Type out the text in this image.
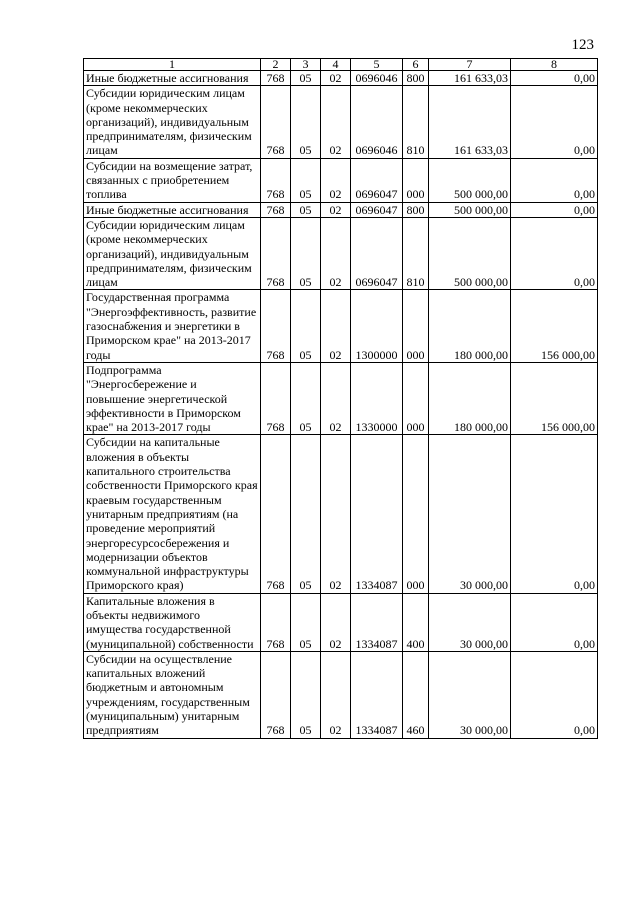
123
1	2	3	4	5	6	7	8
Иные бюджетные ассигнования	768	05	02	0696046	800	161 633,03	0,00
Субсидии юридическим лицам (кроме некоммерческих организаций), индивидуальным предпринимателям, физическим лицам	768	05	02	0696046	810	161 633,03	0,00
Субсидии на возмещение затрат, связанных с приобретением топлива	768	05	02	0696047	000	500 000,00	0,00
Иные бюджетные ассигнования	768	05	02	0696047	800	500 000,00	0,00
Субсидии юридическим лицам (кроме некоммерческих организаций), индивидуальным предпринимателям, физическим лицам	768	05	02	0696047	810	500 000,00	0,00
Государственная программа "Энергоэффективность, развитие газоснабжения и энергетики в Приморском крае" на 2013-2017 годы	768	05	02	1300000	000	180 000,00	156 000,00
Подпрограмма "Энергосбережение и повышение энергетической эффективности в Приморском крае" на 2013-2017 годы	768	05	02	1330000	000	180 000,00	156 000,00
Субсидии на капитальные вложения в объекты капитального строительства собственности Приморского края краевым государственным унитарным предприятиям (на проведение мероприятий энергоресурсосбережения и модернизации объектов коммунальной инфраструктуры Приморского края)	768	05	02	1334087	000	30 000,00	0,00
Капитальные вложения в объекты недвижимого имущества государственной (муниципальной) собственности	768	05	02	1334087	400	30 000,00	0,00
Субсидии на осуществление капитальных вложений бюджетным и автономным учреждениям, государственным (муниципальным) унитарным предприятиям	768	05	02	1334087	460	30 000,00	0,00
